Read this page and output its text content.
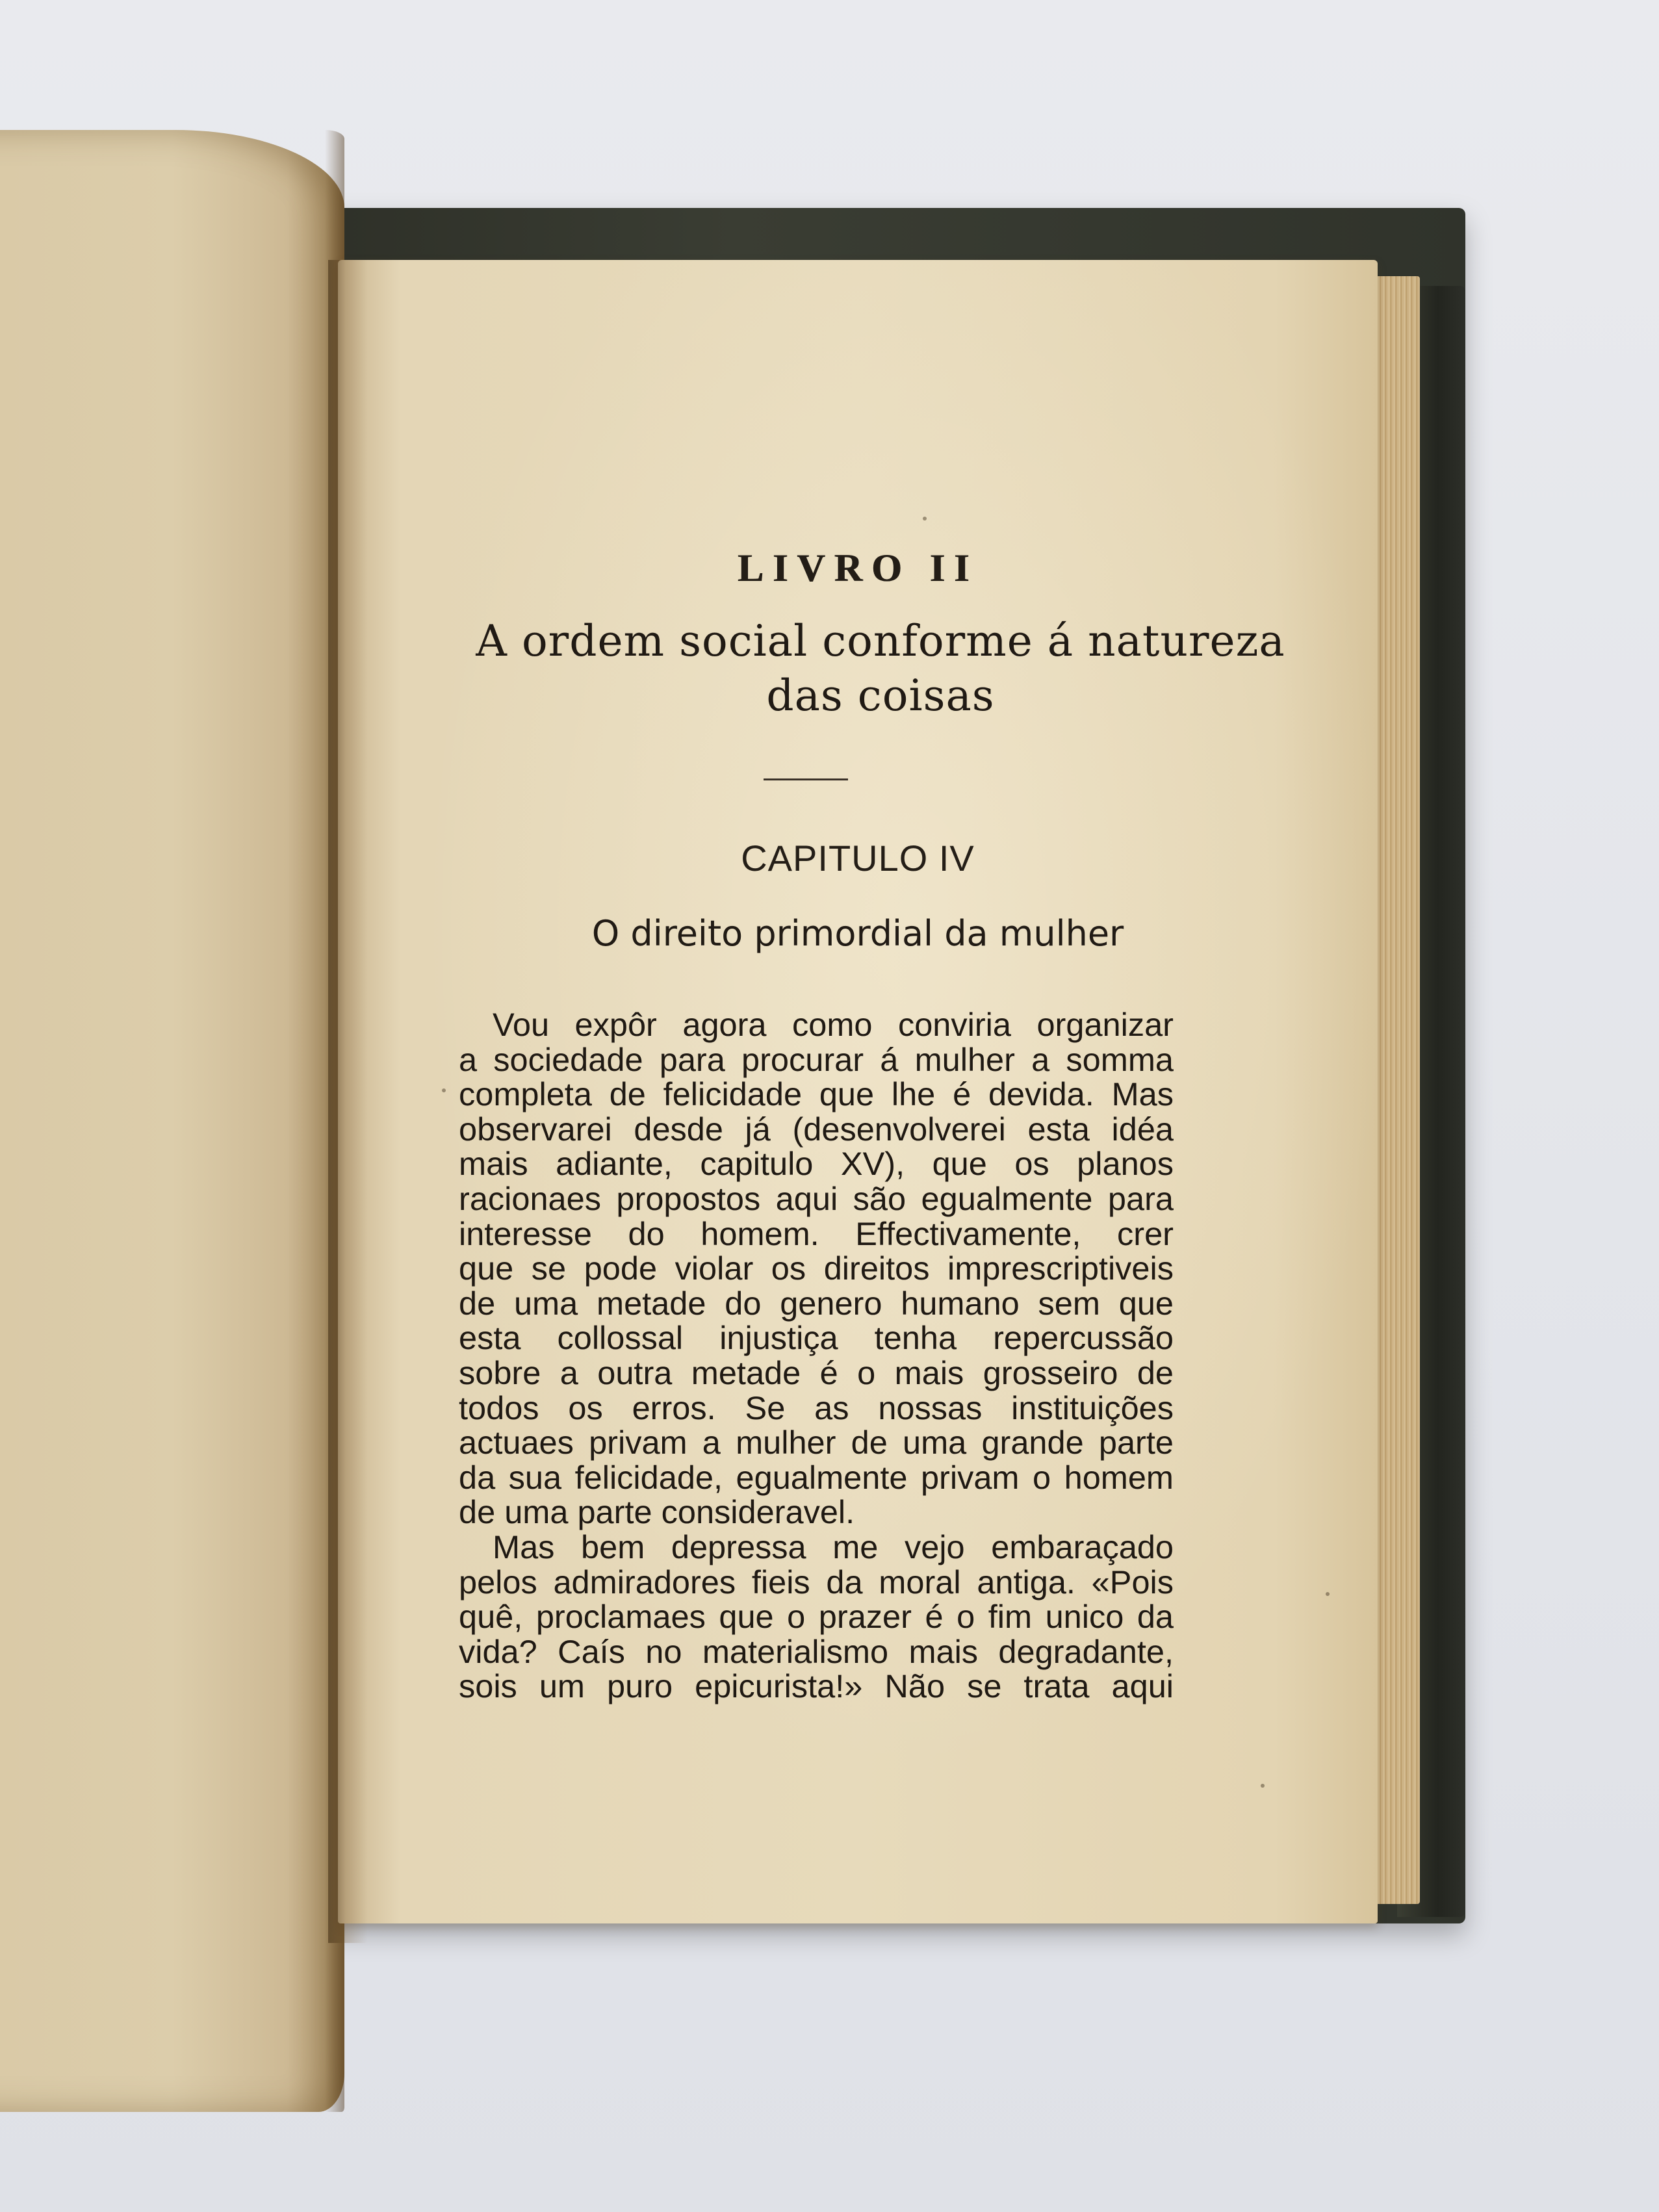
LIVRO II
A ordem social conforme á natureza
das coisas
CAPITULO IV
O direito primordial da mulher
Vou expôr agora como conviria organizar
a sociedade para procurar á mulher a somma
completa de felicidade que lhe é devida. Mas
observarei desde já (desenvolverei esta idéa
mais adiante, capitulo XV), que os planos
racionaes propostos aqui são egualmente para
interesse do homem. Effectivamente, crer
que se pode violar os direitos imprescriptiveis
de uma metade do genero humano sem que
esta collossal injustiça tenha repercussão
sobre a outra metade é o mais grosseiro de
todos os erros. Se as nossas instituições
actuaes privam a mulher de uma grande parte
da sua felicidade, egualmente privam o homem
de uma parte consideravel.
Mas bem depressa me vejo embaraçado
pelos admiradores fieis da moral antiga. «Pois
quê, proclamaes que o prazer é o fim unico da
vida? Caís no materialismo mais degradante,
sois um puro epicurista!» Não se trata aqui
